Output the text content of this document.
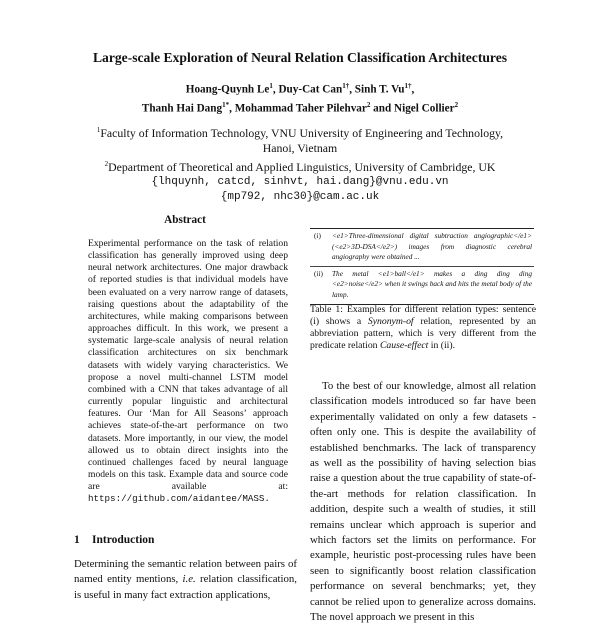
Large-scale Exploration of Neural Relation Classification Architectures
Hoang-Quynh Le$^1$, Duy-Cat Can$^{1\dagger}$, Sinh T. $Vu^{1\dagger}$,
Thanh Hai Dang$^{1*}$, Mohammad Taher Pilehvar$^2$ and Nigel Collier$^2$
$^1$Faculty of Information Technology, VNU University of Engineering and Technology,
Hanoi, Vietnam
$^2$Department of Theoretical and Applied Linguistics, University of Cambridge, UK
{lhquynh, catcd, sinhvt, hai.dang}@vnu.edu.vn
{mp792, nhc30}@cam.ac.uk
Abstract

Experimental performance on the task of relation classification has generally improved using deep neural network architectures. One major drawback of reported studies is that individual models have been evaluated on a very narrow range of datasets, raising questions about the adaptability of the architectures, while making comparisons between approaches difficult. In this work, we present a systematic large-scale analysis of neural relation classification architectures on six benchmark datasets with widely varying characteristics. We propose a novel multi-channel LSTM model combined with a CNN that takes advantage of all currently popular linguistic and architectural features. Our ‘Man for All Seasons’ approach achieves state-of-the-art performance on two datasets. More importantly, in our view, the model allowed us to obtain direct insights into the continued challenges faced by neural language models on this task. Example data and source code are available at: https://github.com/aidantee/MASS.

1 Introduction

Determining the semantic relation between pairs of named entity mentions, i.e. relation classification, is useful in many fact extraction applications,

(i)	<e1>Three-dimensional digital subtraction angiographic</e1> (<e2>3D-DSA</e2>) images from diagnostic cerebral angiography were obtained ...
(ii)	The metal <e1>ball</e1> makes a ding ding ding <e2>noise</e2> when it swings back and hits the metal body of the lamp.

Table 1: Examples for different relation types: sentence (i) shows a Synonym-of relation, represented by an abbreviation pattern, which is very different from the predicate relation Cause-effect in (ii).

To the best of our knowledge, almost all relation classification models introduced so far have been experimentally validated on only a few datasets - often only one. This is despite the availability of established benchmarks. The lack of transparency as well as the possibility of having selection bias raise a question about the true capability of state-of-the-art methods for relation classification. In addition, despite such a wealth of studies, it still remains unclear which approach is superior and which factors set the limits on performance. For example, heuristic post-processing rules have been seen to significantly boost relation classification performance on several benchmarks; yet, they cannot be relied upon to generalize across domains. The novel approach we present in this
